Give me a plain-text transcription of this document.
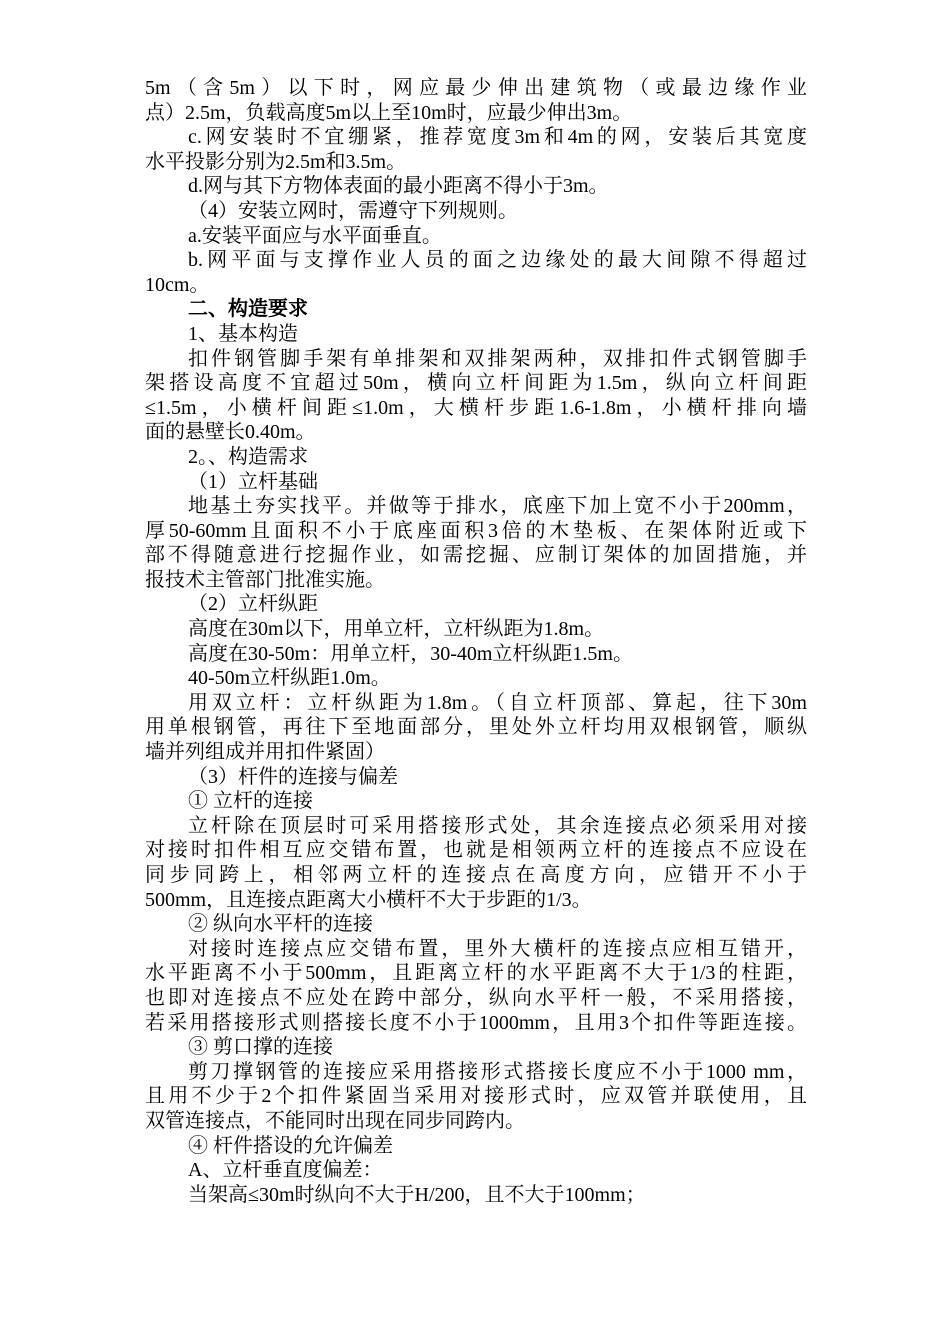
5m（含5m）以下时，网应最少伸出建筑物（或最边缘作业
点）2.5m，负载高度5m以上至10m时，应最少伸出3m。
c.网安装时不宜绷紧，推荐宽度3m和4m的网，安装后其宽度
水平投影分别为2.5m和3.5m。
d.网与其下方物体表面的最小距离不得小于3m。
（4）安装立网时，需遵守下列规则。
a.安装平面应与水平面垂直。
b.网平面与支撑作业人员的面之边缘处的最大间隙不得超过
10cm。
二、构造要求
1、基本构造
扣件钢管脚手架有单排架和双排架两种，双排扣件式钢管脚手
架搭设高度不宜超过50m，横向立杆间距为1.5m，纵向立杆间距
≤1.5m，小横杆间距≤1.0m，大横杆步距1.6-1.8m，小横杆排向墙
面的悬壁长0.40m。
2。、构造需求
（1）立杆基础
地基土夯实找平。并做等于排水，底座下加上宽不小于200mm，
厚50-60mm且面积不小于底座面积3倍的木垫板、在架体附近或下
部不得随意进行挖掘作业，如需挖掘、应制订架体的加固措施，并
报技术主管部门批准实施。
（2）立杆纵距
高度在30m以下，用单立杆，立杆纵距为1.8m。
高度在30-50m：用单立杆，30-40m立杆纵距1.5m。
40-50m立杆纵距1.0m。
用双立杆：立杆纵距为1.8m。（自立杆顶部、算起，往下30m
用单根钢管，再往下至地面部分，里处外立杆均用双根钢管，顺纵
墙并列组成并用扣件紧固）
（3）杆件的连接与偏差
① 立杆的连接
立杆除在顶层时可采用搭接形式处，其余连接点必须采用对接
对接时扣件相互应交错布置，也就是相领两立杆的连接点不应设在
同步同跨上，相邻两立杆的连接点在高度方向，应错开不小于
500mm，且连接点距离大小横杆不大于步距的1/3。
② 纵向水平杆的连接
对接时连接点应交错布置，里外大横杆的连接点应相互错开，
水平距离不小于500mm，且距离立杆的水平距离不大于1/3的柱距，
也即对连接点不应处在跨中部分，纵向水平杆一般，不采用搭接，
若采用搭接形式则搭接长度不小于1000mm，且用3个扣件等距连接。
③ 剪口撑的连接
剪刀撑钢管的连接应采用搭接形式搭接长度应不小于1000 mm，
且用不少于2个扣件紧固当采用对接形式时，应双管并联使用，且
双管连接点，不能同时出现在同步同跨内。
④ 杆件搭设的允许偏差
A、立杆垂直度偏差：
当架高≤30m时纵向不大于H/200，且不大于100mm；
